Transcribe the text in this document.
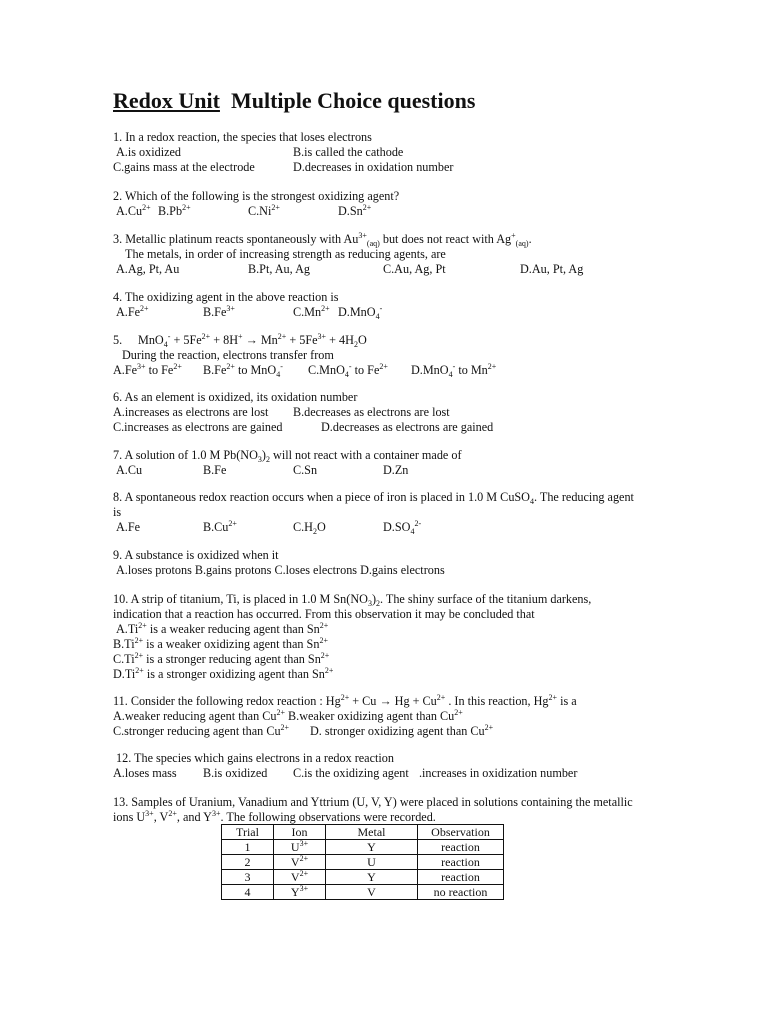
Redox Unit Multiple Choice questions
1. In a redox reaction, the species that loses electrons
A.is oxidized	B.is called the cathode
C.gains mass at the electrode	D.decreases in oxidation number
2. Which of the following is the strongest oxidizing agent?
$A.Cu^{2+}$ $B.Pb^{2+}$	$C.Ni^{2+}$	$D.Sn^{2+}$
3. Metallic platinum reacts spontaneously with $Au^{3+}_{(aq)}$ but does not react with $Ag^+_{(aq)}$.
The metals, in order of increasing strength as reducing agents, are
A.Ag, Pt, Au	B.Pt, Au, Ag	C.Au, Ag, Pt	D.Au, Pt, Ag
4. The oxidizing agent in the above reaction is
$A.Fe^{2+}$	$B.Fe^{3+}$	$C.Mn^{2+}$ D.MnO$_4$-
5. $MnO_4^- + 5Fe^{2+} + 8H^+ \to Mn^{2+} + 5Fe^{3+} + 4H_2O$
During the reaction, electrons transfer from
$A.Fe^{3+}$ to $Fe^{2+}$ $B.Fe^{2+}$ to MnO$_4$- C.MnO$_4$- to $Fe^{2+}$ D.MnO$_4$- to $Mn^{2+}$
6. As an element is oxidized, its oxidation number
A.increases as electrons are lost B.decreases as electrons are lost
C.increases as electrons are gained	D.decreases as electrons are gained
7. A solution of 1.0 M $Pb(NO_3)_2$ will not react with a container made of
A.Cu	B.Fe	C.Sn	D.Zn
8. A spontaneous redox reaction occurs when a piece of iron is placed in 1.0 M CuSO$_4$. The reducing agent
is
A.Fe	$B.Cu^{2+}$	$C.H_2O$	$D.SO_4^{2-}$
9. A substance is oxidized when it
A.loses protons B.gains protons C.loses electrons D.gains electrons
10. A strip of titanium, Ti, is placed in 1.0 M $Sn(NO_3)_2$. The shiny surface of the titanium darkens,
indication that a reaction has occurred. From this observation it may be concluded that
$A.Ti^{2+}$ is a weaker reducing agent than $Sn^{2+}$
$B.Ti^{2+}$ is a weaker oxidizing agent than $Sn^{2+}$
$C.Ti^{2+}$ is a stronger reducing agent than $Sn^{2+}$
$D.Ti^{2+}$ is a stronger oxidizing agent than $Sn^{2+}$
11. Consider the following redox reaction : $Hg^{2+} + Cu \to Hg + Cu^{2+}$ . In this reaction, $Hg^{2+}$ is a
A.weaker reducing agent than $Cu^{2+}$ B.weaker oxidizing agent than $Cu^{2+}$
C.stronger reducing agent than $Cu^{2+}$ D. stronger oxidizing agent than $Cu^{2+}$
12. The species which gains electrons in a redox reaction
A.loses mass B.is oxidized C.is the oxidizing agent .increases in oxidization number
13. Samples of Uranium, Vanadium and Yttrium (U, V, Y) were placed in solutions containing the metallic
ions $U^{3+}$, $V^{2+}$, and $Y^{3+}$. The following observations were recorded.
Trial	Ion	Metal	Observation
1	$U^{3+}$	Y	reaction
2	$V^{2+}$	U	reaction
3	$V^{2+}$	Y	reaction
4	$Y^{3+}$	V	no reaction
